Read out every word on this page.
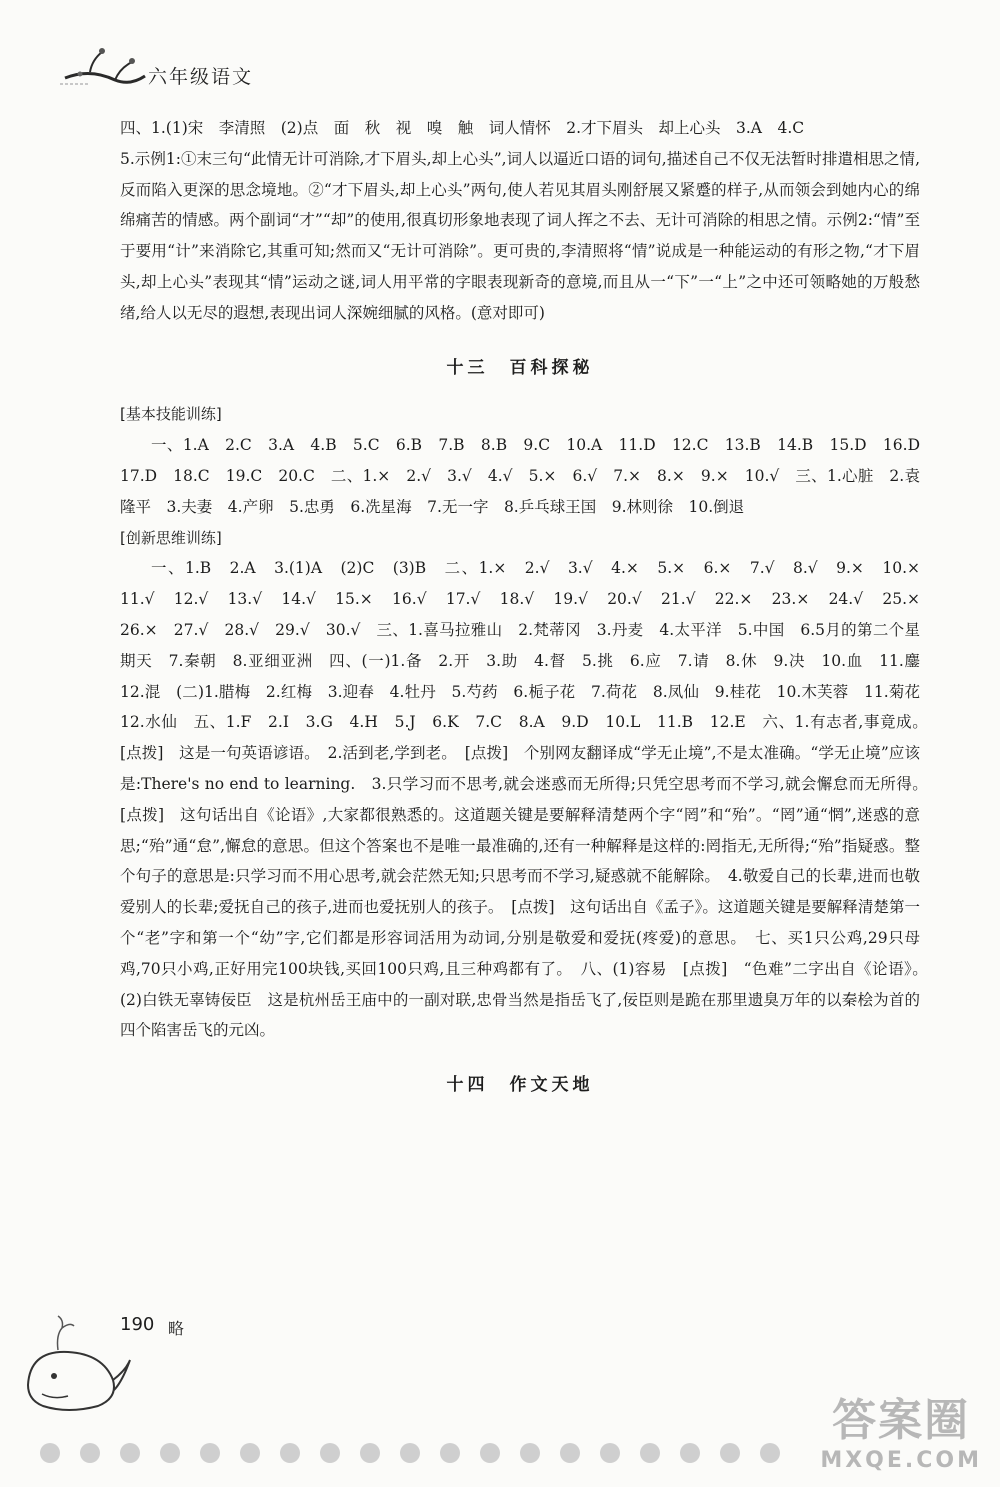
六年级语文

四、1.(1)宋　李清照　(2)点　面　秋　视　嗅　触　词人情怀　2.才下眉头　却上心头　3.A　4.C

5.示例1:①末三句“此情无计可消除,才下眉头,却上心头”,词人以逼近口语的词句,描述自己不仅无法暂时排遣相思之情,反而陷入更深的思念境地。②“才下眉头,却上心头”两句,使人若见其眉头刚舒展又紧蹙的样子,从而领会到她内心的绵绵痛苦的情感。两个副词“才”“却”的使用,很真切形象地表现了词人挥之不去、无计可消除的相思之情。示例2:“情”至于要用“计”来消除它,其重可知;然而又“无计可消除”。更可贵的,李清照将“情”说成是一种能运动的有形之物,“才下眉头,却上心头”表现其“情”运动之谜,词人用平常的字眼表现新奇的意境,而且从一“下”一“上”之中还可领略她的万般愁绪,给人以无尽的遐想,表现出词人深婉细腻的风格。(意对即可)

十三　百科探秘

[基本技能训练]

一、1.A　2.C　3.A　4.B　5.C　6.B　7.B　8.B　9.C　10.A　11.D　12.C　13.B　14.B　15.D　16.D　17.D　18.C　19.C　20.C　二、1.×　2.√　3.√　4.√　5.×　6.√　7.×　8.×　9.×　10.√　三、1.心脏　2.袁隆平　3.夫妻　4.产卵　5.忠勇　6.冼星海　7.无一字　8.乒乓球王国　9.林则徐　10.倒退

[创新思维训练]

一、1.B　2.A　3.(1)A　(2)C　(3)B　二、1.×　2.√　3.√　4.×　5.×　6.×　7.√　8.√　9.×　10.×　11.√　12.√　13.√　14.√　15.×　16.√　17.√　18.√　19.√　20.√　21.√　22.×　23.×　24.√　25.×　26.×　27.√　28.√　29.√　30.√　三、1.喜马拉雅山　2.梵蒂冈　3.丹麦　4.太平洋　5.中国　6.5月的第二个星期天　7.秦朝　8.亚细亚洲　四、(一)1.备　2.开　3.助　4.督　5.挑　6.应　7.请　8.休　9.决　10.血　11.鏖　12.混　(二)1.腊梅　2.红梅　3.迎春　4.牡丹　5.芍药　6.栀子花　7.荷花　8.凤仙　9.桂花　10.木芙蓉　11.菊花　12.水仙　五、1.F　2.I　3.G　4.H　5.J　6.K　7.C　8.A　9.D　10.L　11.B　12.E　六、1.有志者,事竟成。　[点拨]　这是一句英语谚语。　2.活到老,学到老。　[点拨]　个别网友翻译成“学无止境”,不是太准确。“学无止境”应该是:There's no end to learning.　3.只学习而不思考,就会迷惑而无所得;只凭空思考而不学习,就会懈怠而无所得。　[点拨]　这句话出自《论语》,大家都很熟悉的。这道题关键是要解释清楚两个字“罔”和“殆”。“罔”通“惘”,迷惑的意思;“殆”通“怠”,懈怠的意思。但这个答案也不是唯一最准确的,还有一种解释是这样的:罔指无,无所得;“殆”指疑惑。整个句子的意思是:只学习而不用心思考,就会茫然无知;只思考而不学习,疑惑就不能解除。　4.敬爱自己的长辈,进而也敬爱别人的长辈;爱抚自己的孩子,进而也爱抚别人的孩子。　[点拨]　这句话出自《孟子》。这道题关键是要解释清楚第一个“老”字和第一个“幼”字,它们都是形容词活用为动词,分别是敬爱和爱抚(疼爱)的意思。　七、买1只公鸡,29只母鸡,70只小鸡,正好用完100块钱,买回100只鸡,且三种鸡都有了。　八、(1)容易　[点拨]　“色难”二字出自《论语》。　(2)白铁无辜铸佞臣　这是杭州岳王庙中的一副对联,忠骨当然是指岳飞了,佞臣则是跪在那里遗臭万年的以秦桧为首的四个陷害岳飞的元凶。

十四　作文天地
190 略
答案圈
MXQE.COM
